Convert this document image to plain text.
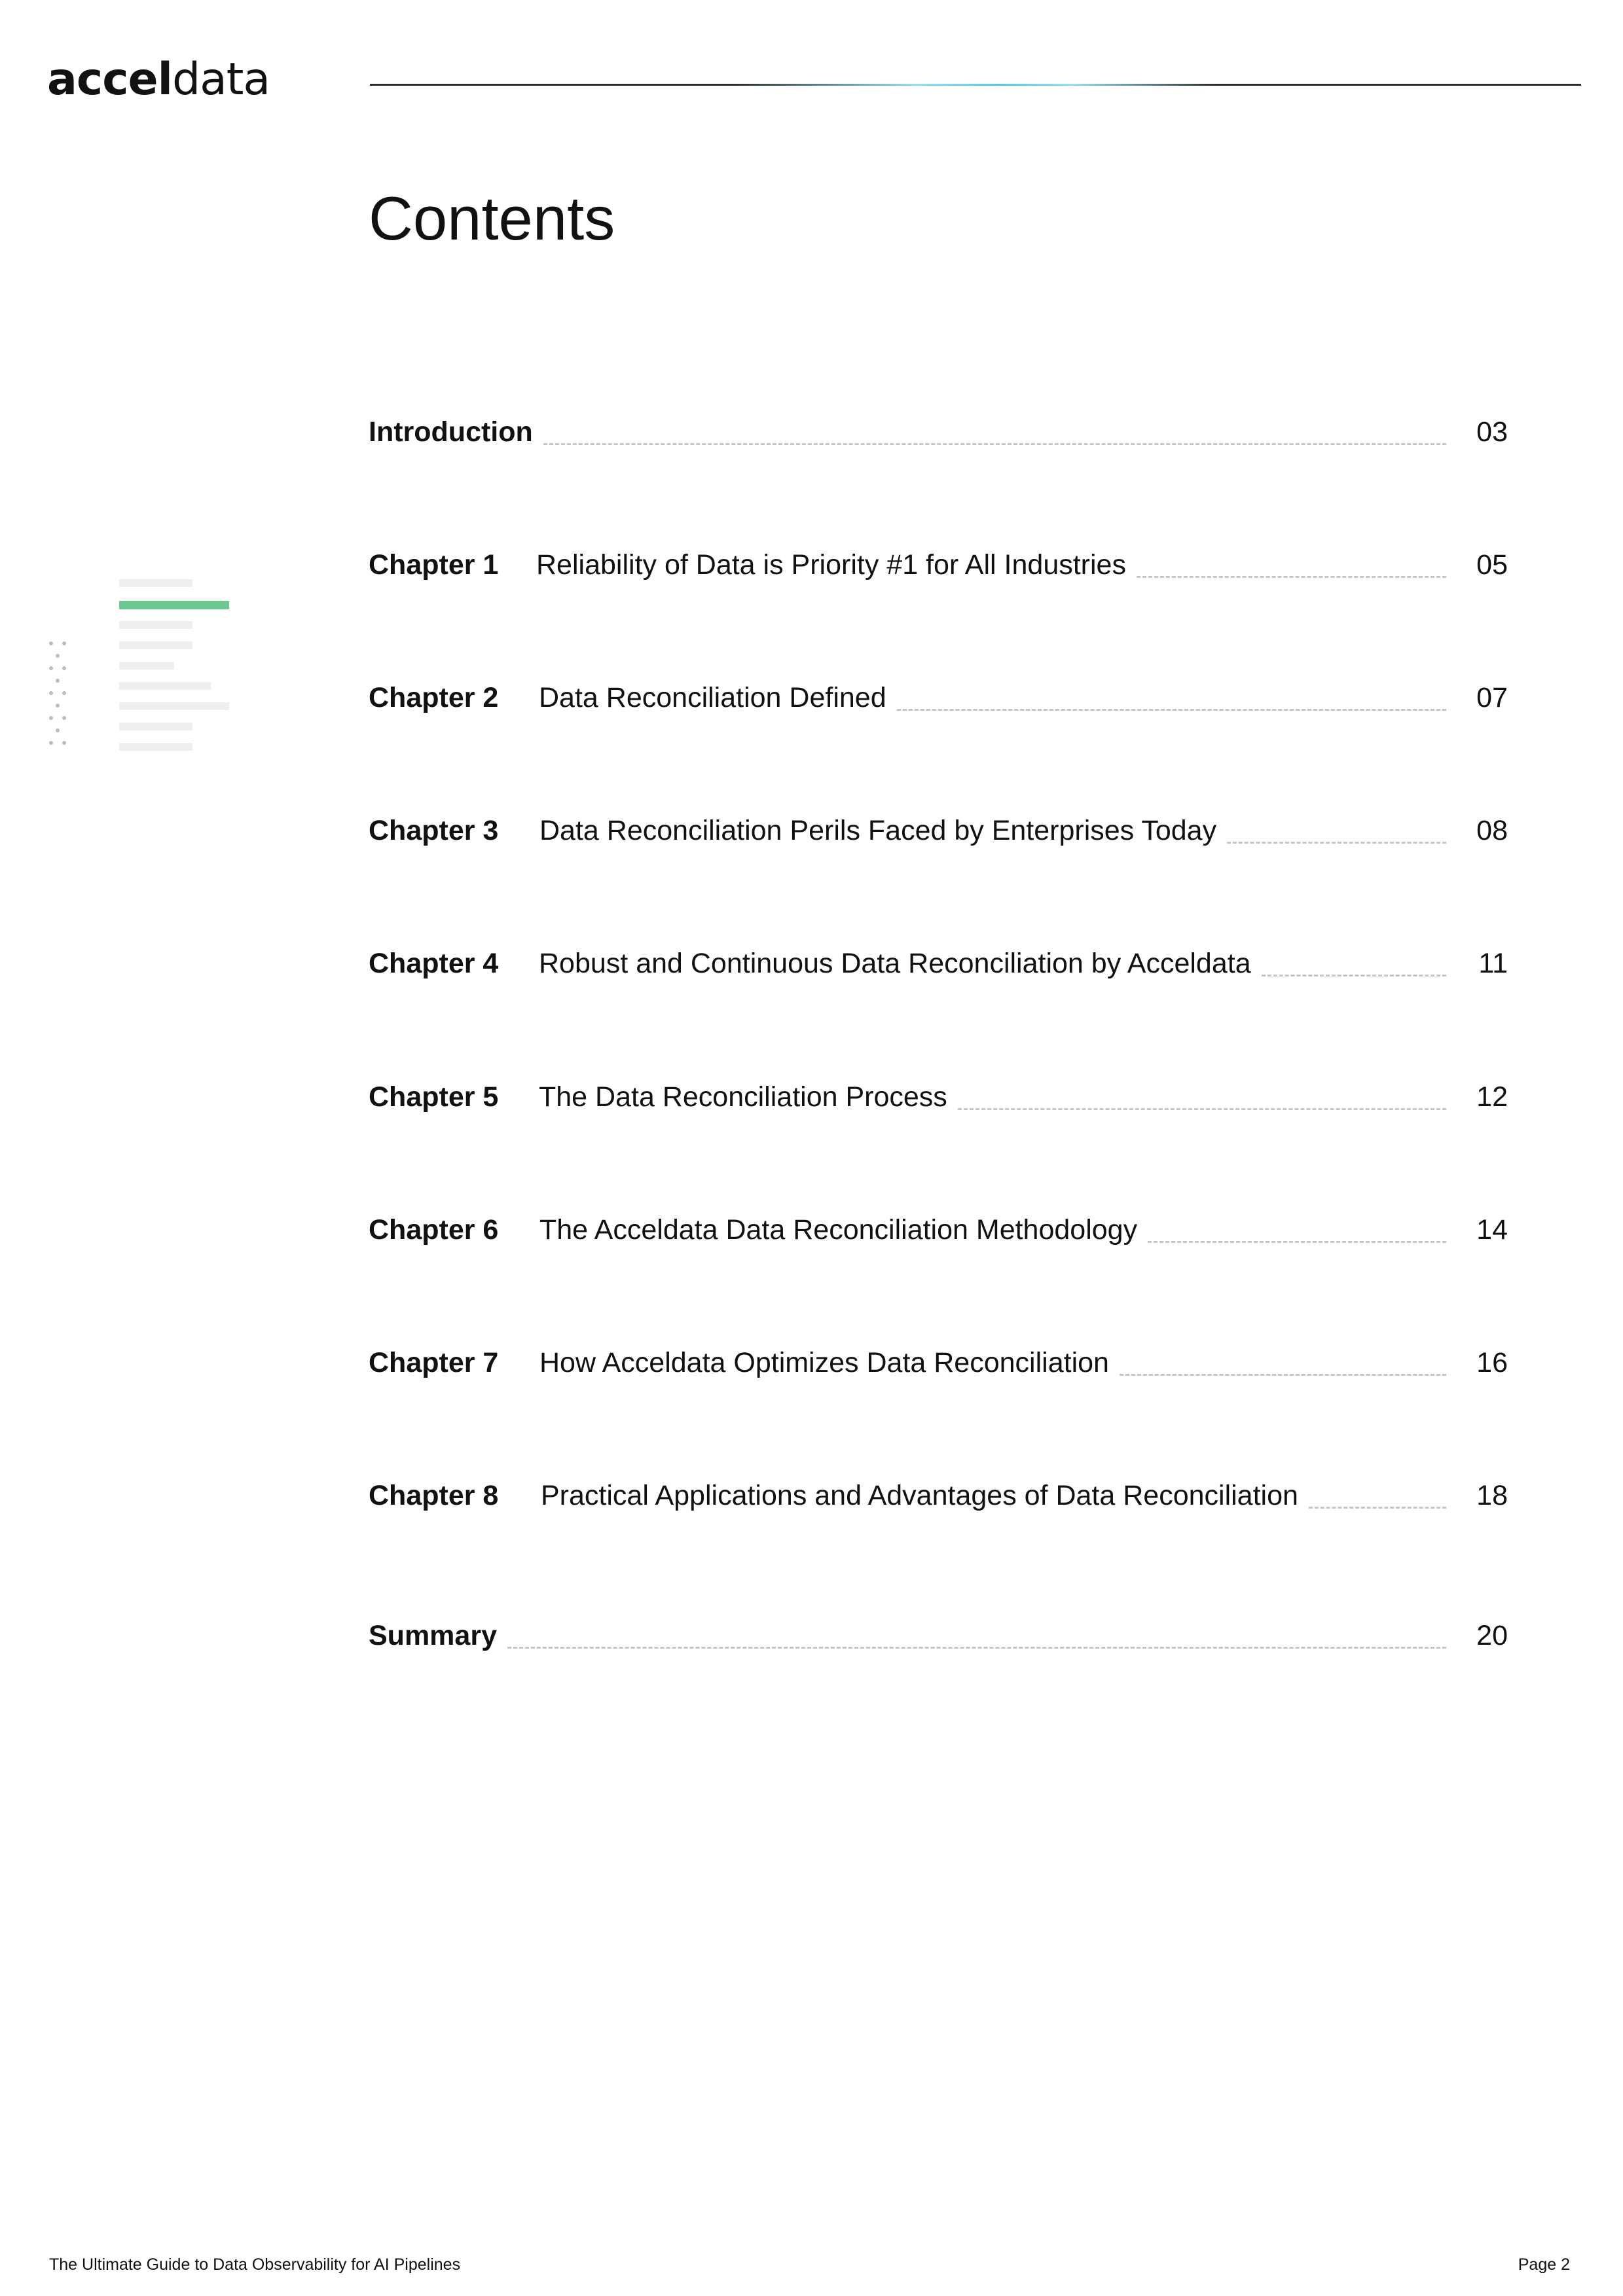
acceldata
Contents
Introduction	03
Chapter 1	Reliability of Data is Priority #1 for All Industries	05
Chapter 2	Data Reconciliation Defined	07
Chapter 3	Data Reconciliation Perils Faced by Enterprises Today	08
Chapter 4	Robust and Continuous Data Reconciliation by Acceldata	11
Chapter 5	The Data Reconciliation Process	12
Chapter 6	The Acceldata Data Reconciliation Methodology	14
Chapter 7	How Acceldata Optimizes Data Reconciliation	16
Chapter 8	Practical Applications and Advantages of Data Reconciliation	18
Summary	20
The Ultimate Guide to Data Observability for AI Pipelines	Page 2
